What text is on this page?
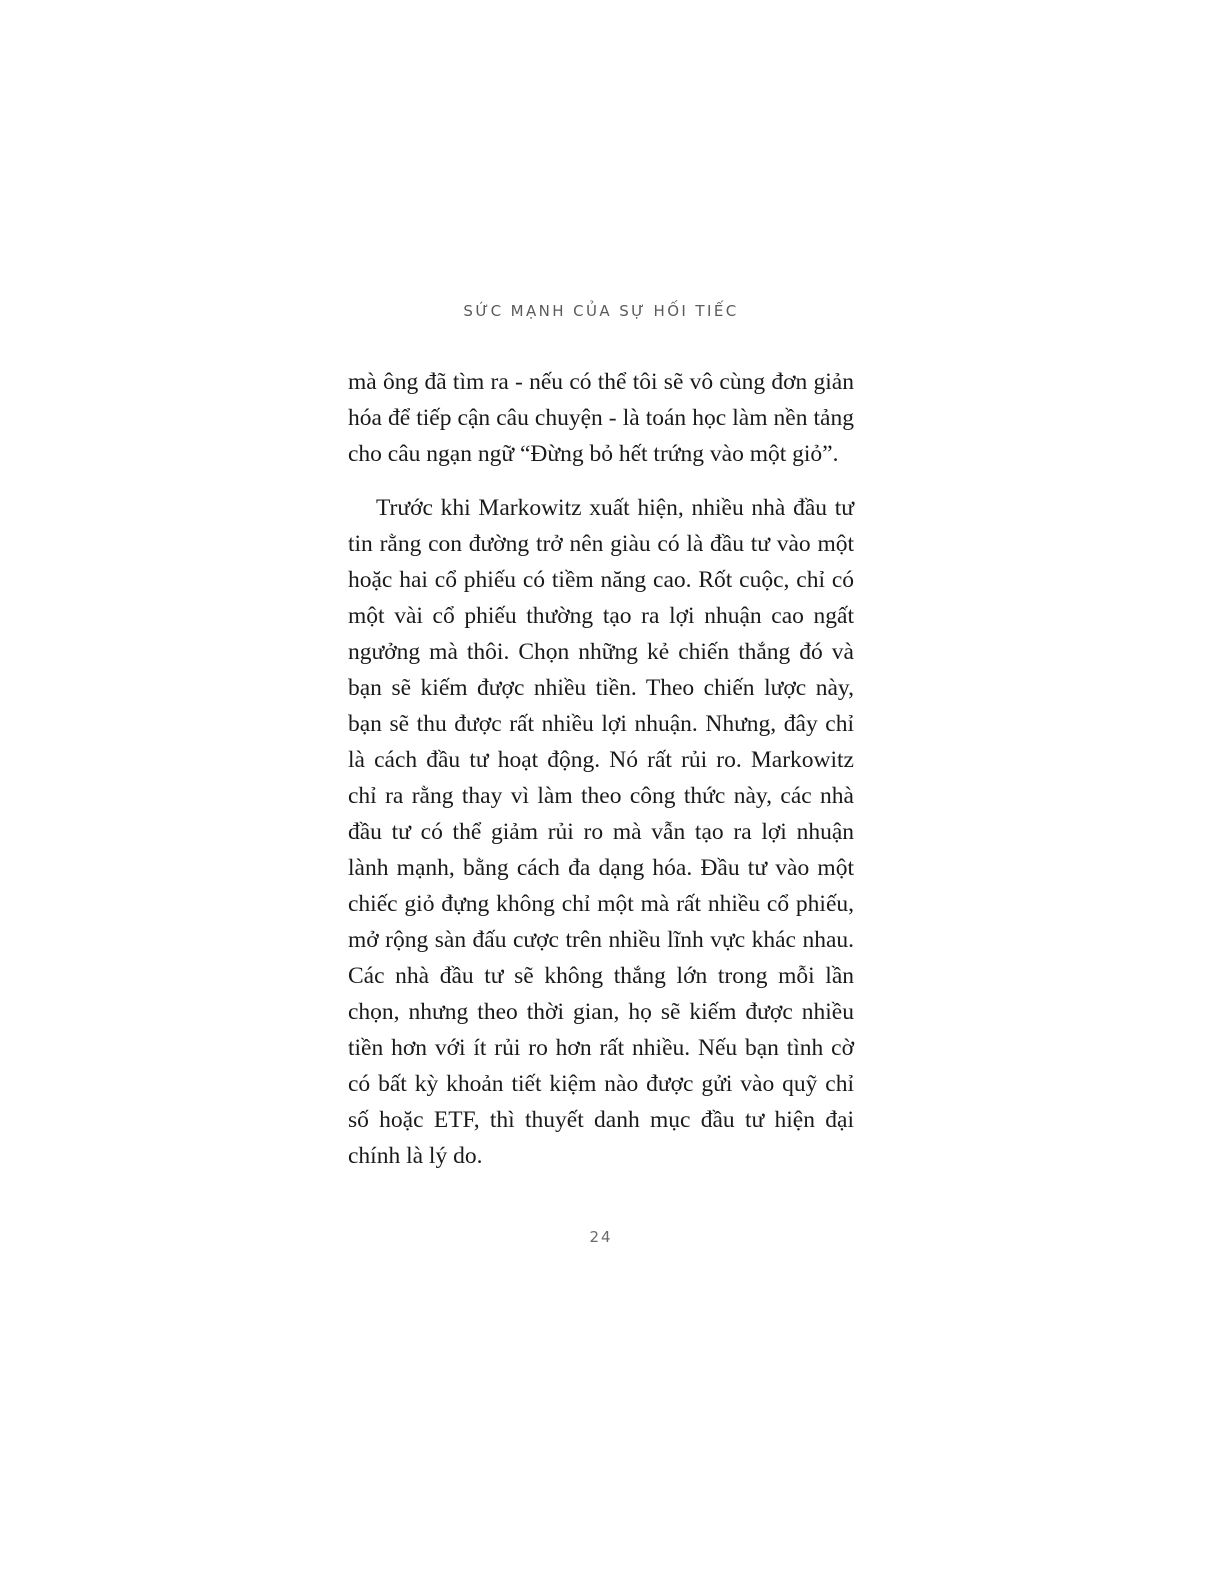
SỨC MẠNH CỦA SỰ HỐI TIẾC

mà ông đã tìm ra - nếu có thể tôi sẽ vô cùng đơn giản hóa để tiếp cận câu chuyện - là toán học làm nền tảng cho câu ngạn ngữ “Đừng bỏ hết trứng vào một giỏ”.

Trước khi Markowitz xuất hiện, nhiều nhà đầu tư tin rằng con đường trở nên giàu có là đầu tư vào một hoặc hai cổ phiếu có tiềm năng cao. Rốt cuộc, chỉ có một vài cổ phiếu thường tạo ra lợi nhuận cao ngất ngưởng mà thôi. Chọn những kẻ chiến thắng đó và bạn sẽ kiếm được nhiều tiền. Theo chiến lược này, bạn sẽ thu được rất nhiều lợi nhuận. Nhưng, đây chỉ là cách đầu tư hoạt động. Nó rất rủi ro. Markowitz chỉ ra rằng thay vì làm theo công thức này, các nhà đầu tư có thể giảm rủi ro mà vẫn tạo ra lợi nhuận lành mạnh, bằng cách đa dạng hóa. Đầu tư vào một chiếc giỏ đựng không chỉ một mà rất nhiều cổ phiếu, mở rộng sàn đấu cược trên nhiều lĩnh vực khác nhau. Các nhà đầu tư sẽ không thắng lớn trong mỗi lần chọn, nhưng theo thời gian, họ sẽ kiếm được nhiều tiền hơn với ít rủi ro hơn rất nhiều. Nếu bạn tình cờ có bất kỳ khoản tiết kiệm nào được gửi vào quỹ chỉ số hoặc ETF, thì thuyết danh mục đầu tư hiện đại chính là lý do.

24
